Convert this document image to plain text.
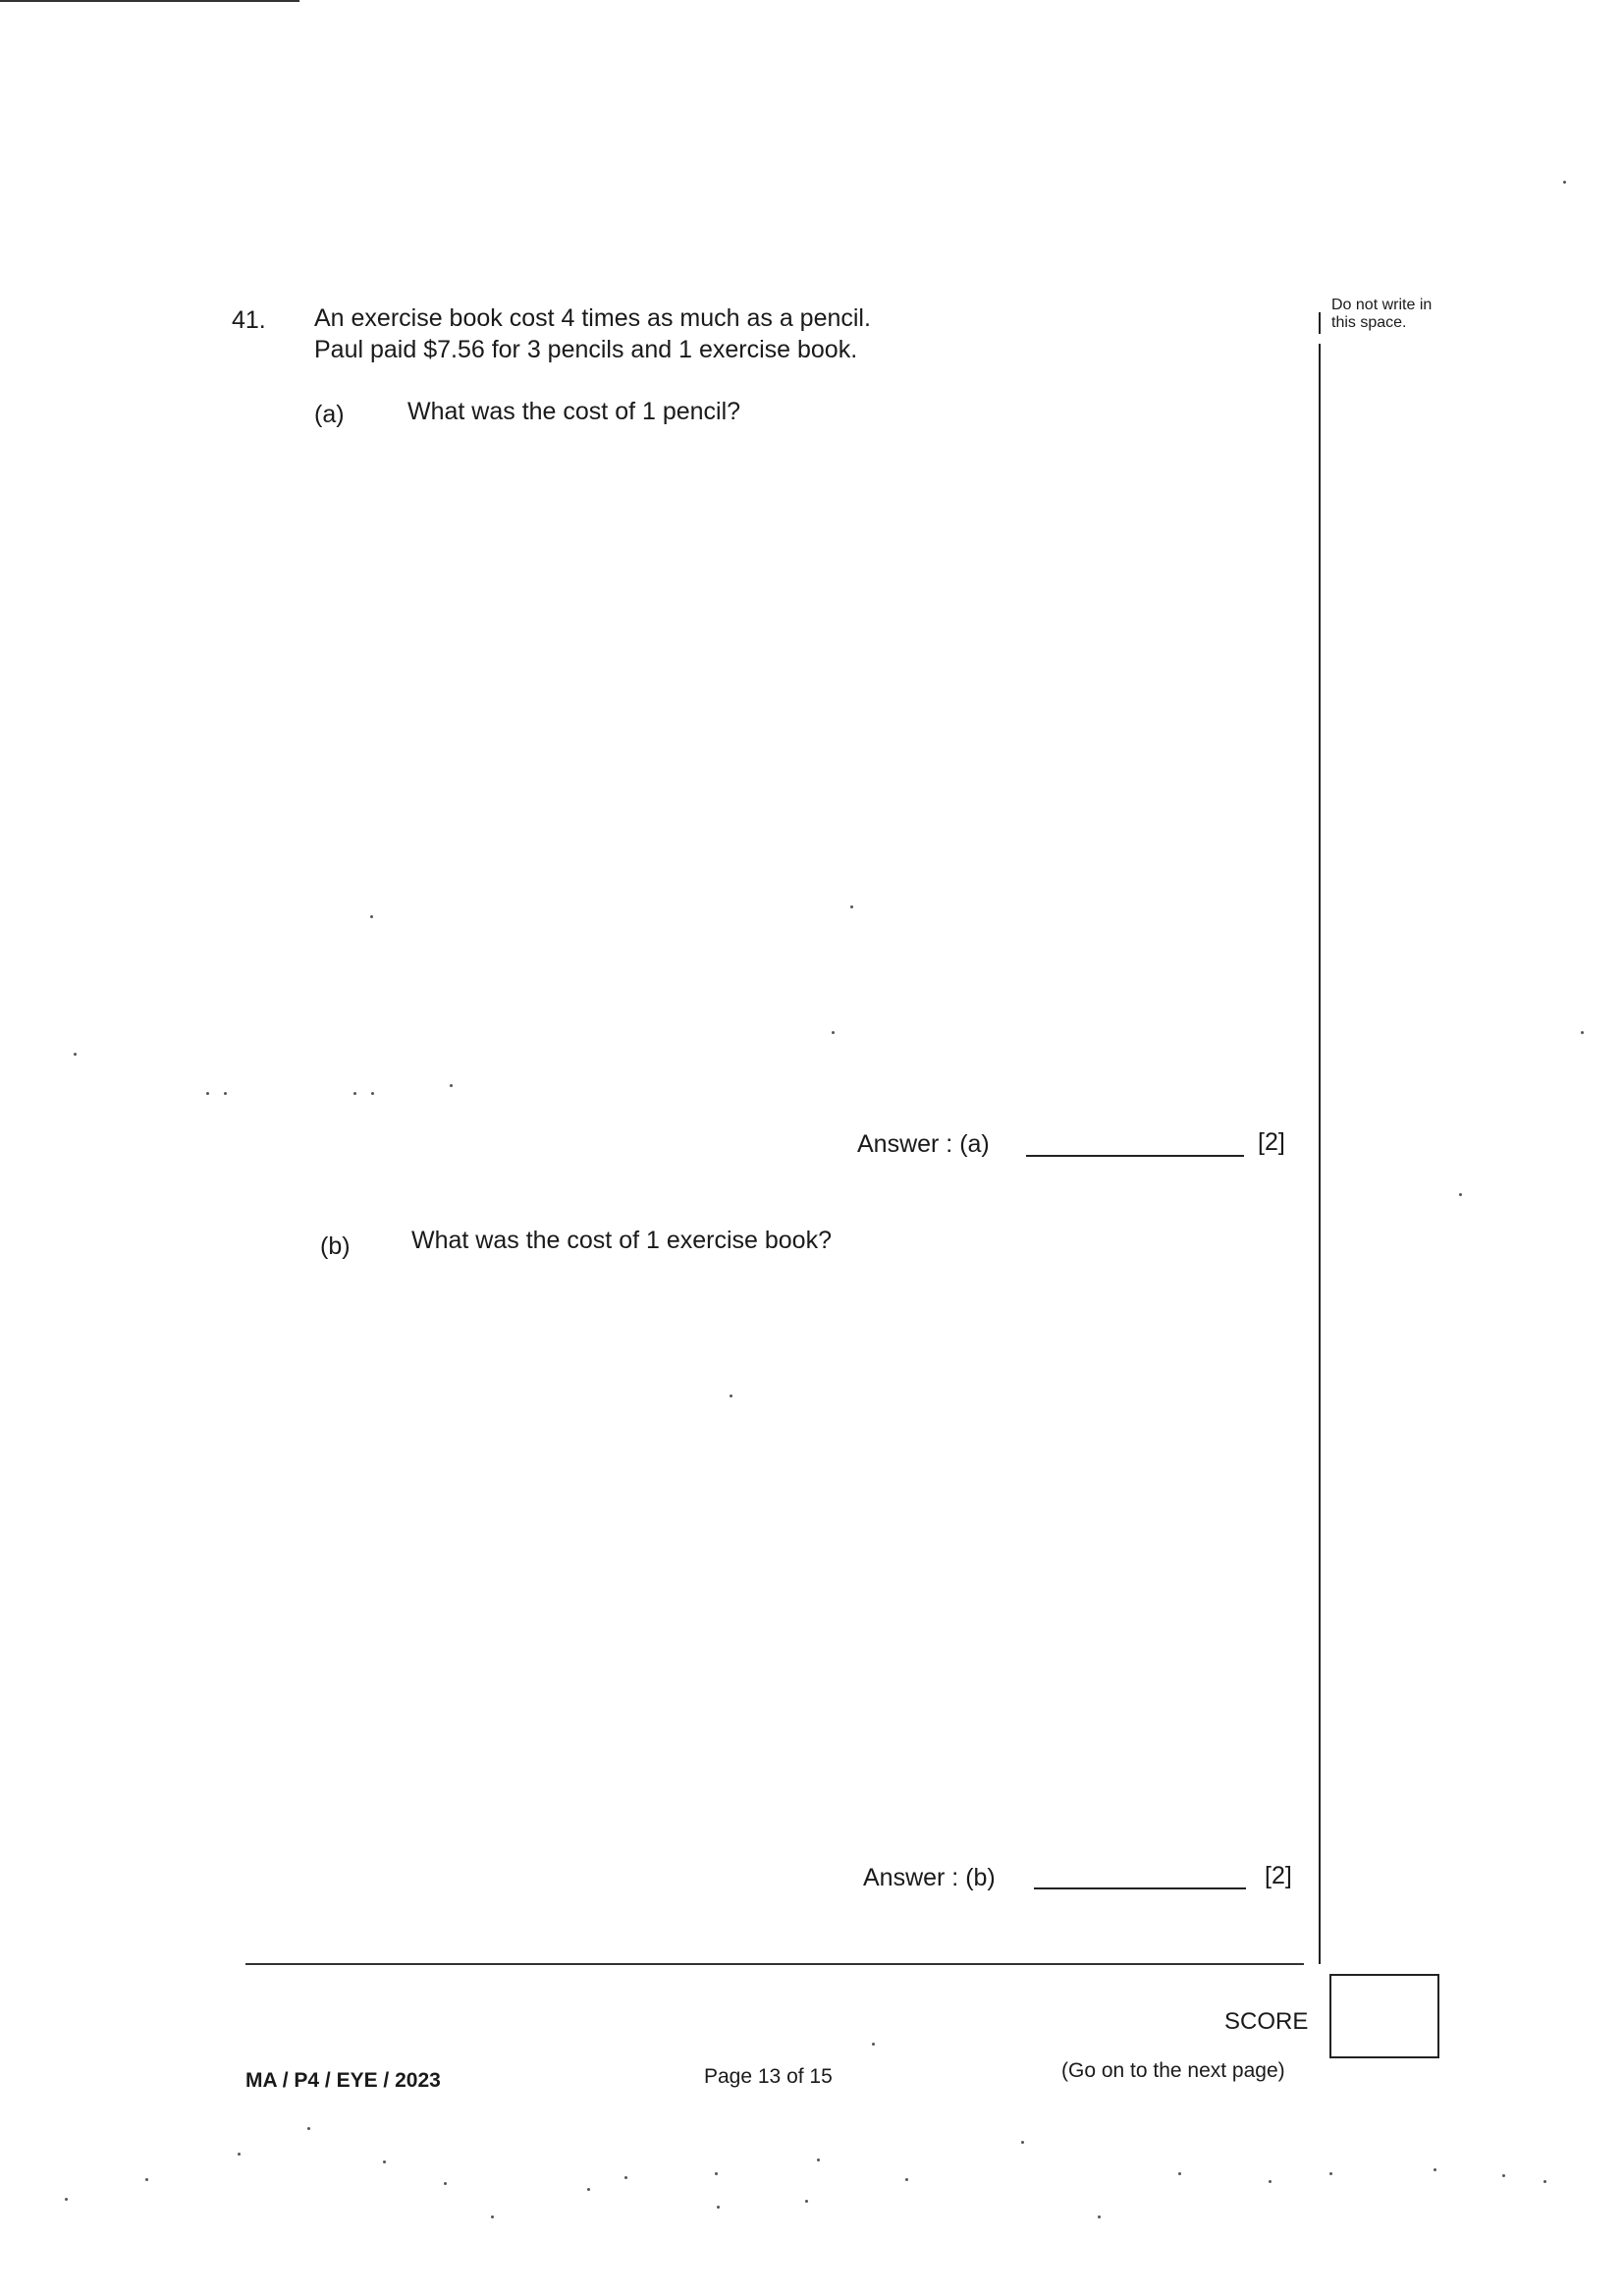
41. An exercise book cost 4 times as much as a pencil.
Paul paid $7.56 for 3 pencils and 1 exercise book.
(a)	What was the cost of 1 pencil?
Answer : (a)	[2]
(b) What was the cost of 1 exercise book?
Answer : (b)	[2]
Do not write in this space.
SCORE
MA / P4 / EYE / 2023	Page 13 of 15	(Go on to the next page)
